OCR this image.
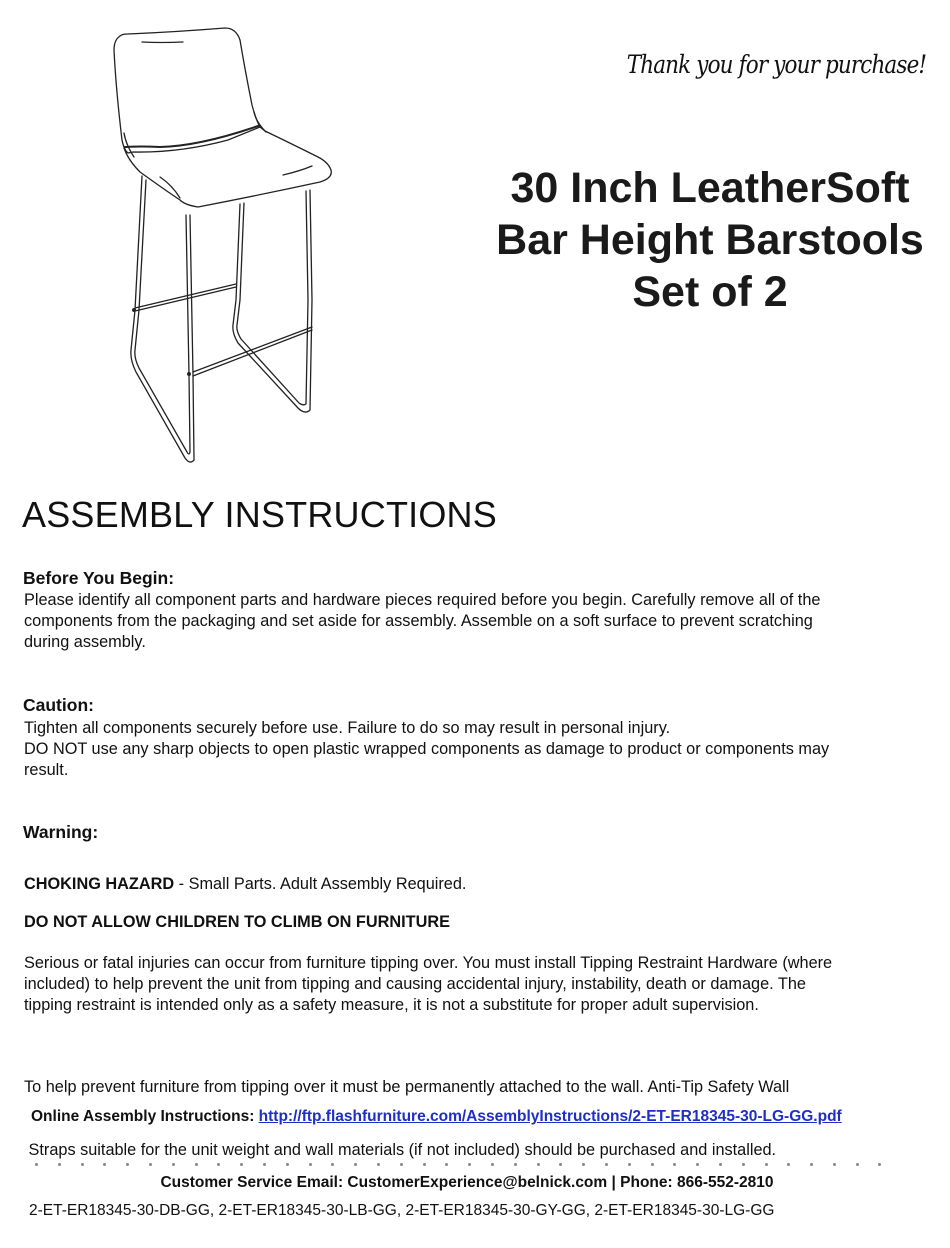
Thank you for your purchase!
30 Inch LeatherSoft
Bar Height Barstools
Set of 2
ASSEMBLY INSTRUCTIONS
Before You Begin:
Please identify all component parts and hardware pieces required before you begin. Carefully remove all of the
components from the packaging and set aside for assembly. Assemble on a soft surface to prevent scratching
during assembly.
Caution:
Tighten all components securely before use. Failure to do so may result in personal injury.
DO NOT use any sharp objects to open plastic wrapped components as damage to product or components may
result.
Warning:
CHOKING HAZARD - Small Parts. Adult Assembly Required.
DO NOT ALLOW CHILDREN TO CLIMB ON FURNITURE
Serious or fatal injuries can occur from furniture tipping over. You must install Tipping Restraint Hardware (where
included) to help prevent the unit from tipping and causing accidental injury, instability, death or damage. The
tipping restraint is intended only as a safety measure, it is not a substitute for proper adult supervision.

To help prevent furniture from tipping over it must be permanently attached to the wall. Anti-Tip Safety Wall

Straps suitable for the unit weight and wall materials (if not included) should be purchased and installed.

Online Assembly Instructions: http://ftp.flashfurniture.com/AssemblyInstructions/2-ET-ER18345-30-LG-GG.pdf
Customer Service Email: CustomerExperience@belnick.com | Phone: 866-552-2810
2-ET-ER18345-30-DB-GG, 2-ET-ER18345-30-LB-GG, 2-ET-ER18345-30-GY-GG, 2-ET-ER18345-30-LG-GG
